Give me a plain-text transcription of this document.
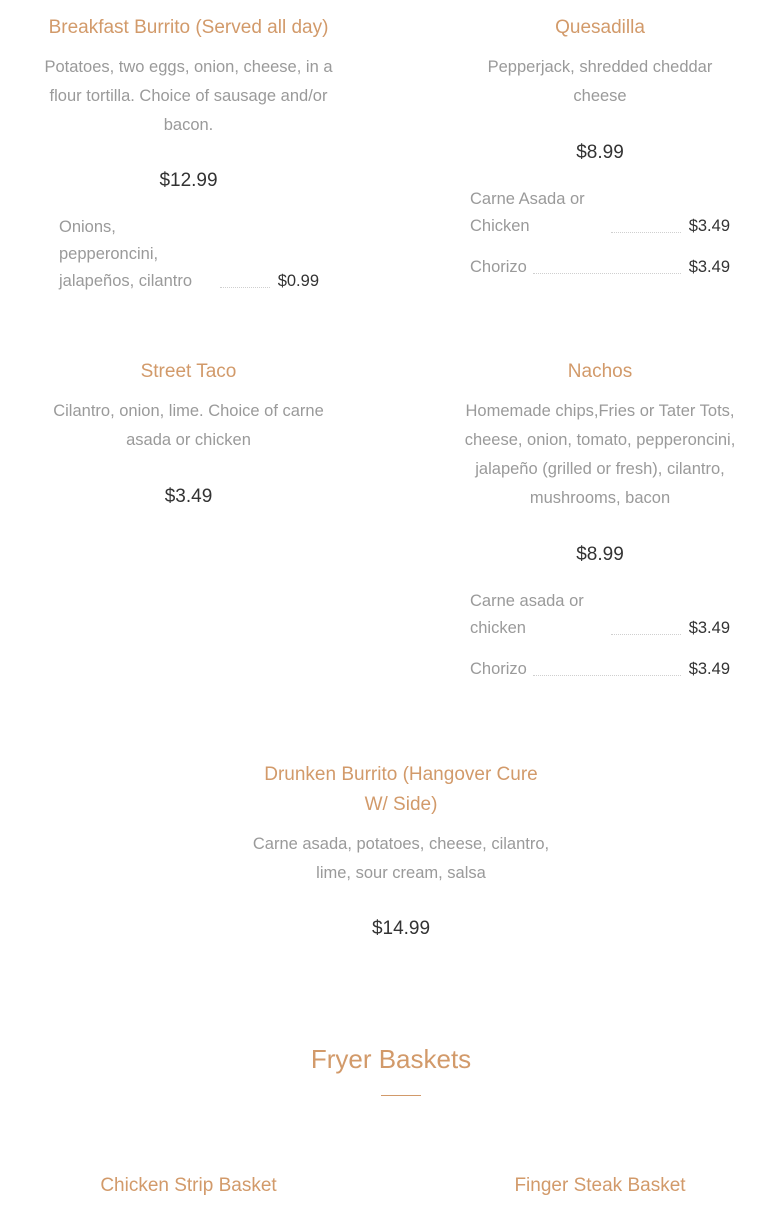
Breakfast Burrito (Served all day)

Potatoes, two eggs, onion, cheese, in a flour tortilla. Choice of sausage and/or bacon.

$12.99
Onions, pepperoncini, jalapeños, cilantro	$0.99
Quesadilla

Pepperjack, shredded cheddar cheese

$8.99
Carne Asada or Chicken	$3.49
Chorizo	$3.49
Street Taco

Cilantro, onion, lime. Choice of carne asada or chicken

$3.49
Nachos

Homemade chips,Fries or Tater Tots, cheese, onion, tomato, pepperoncini, jalapeño (grilled or fresh), cilantro, mushrooms, bacon

$8.99
Carne asada or chicken	$3.49
Chorizo	$3.49
Drunken Burrito (Hangover Cure W/ Side)

Carne asada, potatoes, cheese, cilantro, lime, sour cream, salsa

$14.99
Fryer Baskets
Chicken Strip Basket	Finger Steak Basket
